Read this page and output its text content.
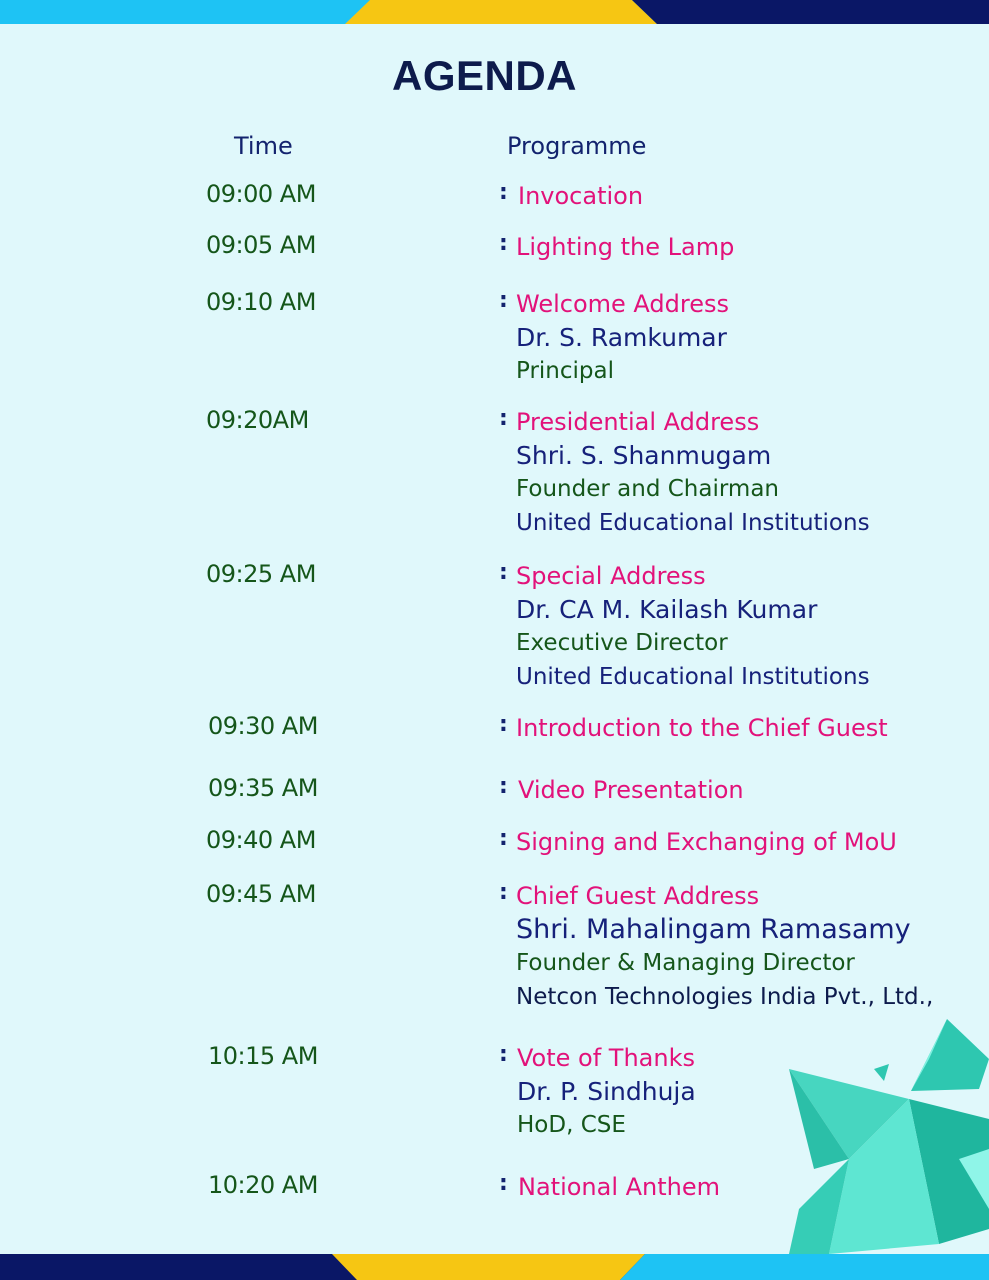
AGENDA
Time	Programme
09:00 AM	: Invocation
09:05 AM	: Lighting the Lamp
09:10 AM	: Welcome Address
Dr. S. Ramkumar
Principal
09:20AM	: Presidential Address
Shri. S. Shanmugam
Founder and Chairman
United Educational Institutions
09:25 AM	: Special Address
Dr. CA M. Kailash Kumar
Executive Director
United Educational Institutions
09:30 AM	: Introduction to the Chief Guest
09:35 AM	: Video Presentation
09:40 AM	: Signing and Exchanging of MoU
09:45 AM	: Chief Guest Address
Shri. Mahalingam Ramasamy
Founder & Managing Director
Netcon Technologies India Pvt., Ltd.,
10:15 AM	: Vote of Thanks
Dr. P. Sindhuja
HoD, CSE
10:20 AM	: National Anthem
